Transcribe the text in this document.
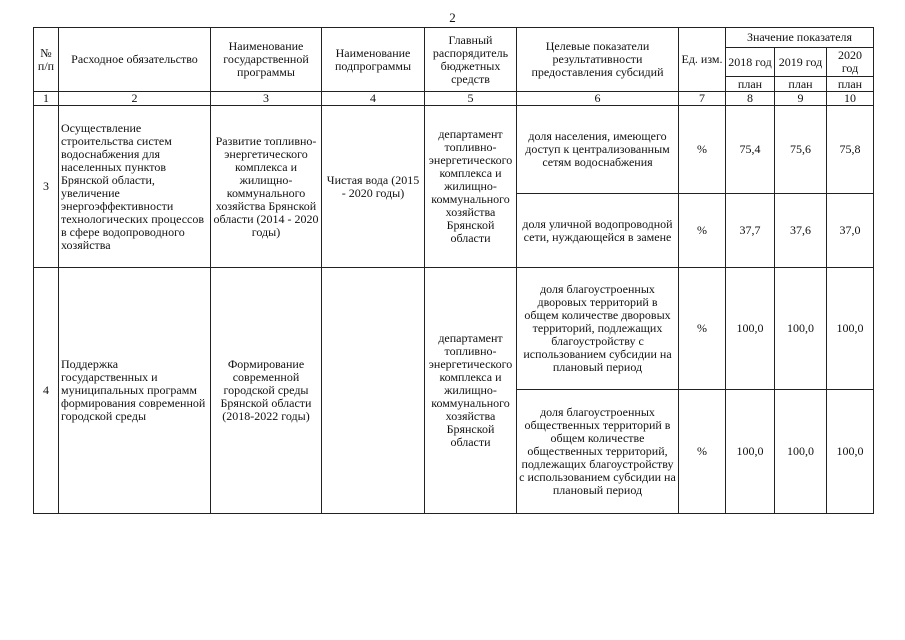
2
№ п/п	Расходное обязательство	Наименование государственной программы	Наименование подпрограммы	Главный распорядитель бюджетных средств	Целевые показатели результативности предоставления субсидий	Ед. изм.	Значение показателя		
							2018 год	2019 год	2020 год
							план	план	план
1	2	3	4	5	6	7	8	9	10
3	Осуществление строительства систем водоснабжения для населенных пунктов Брянской области, увеличение энергоэффективности технологических процессов в сфере водопроводного хозяйства	Развитие топливно-энергетического комплекса и жилищно-коммунального хозяйства Брянской области (2014 - 2020 годы)	Чистая вода (2015 - 2020 годы)	департамент топливно-энергетического комплекса и жилищно-коммунального хозяйства Брянской области	доля населения, имеющего доступ к централизованным сетям водоснабжения	%	75,4	75,6	75,8
					доля уличной водопроводной сети, нуждающейся в замене	%	37,7	37,6	37,0
4	Поддержка государственных и муниципальных программ формирования современной городской среды	Формирование современной городской среды Брянской области (2018-2022 годы)		департамент топливно-энергетического комплекса и жилищно-коммунального хозяйства Брянской области	доля благоустроенных дворовых территорий в общем количестве дворовых территорий, подлежащих благоустройству с использованием субсидии на плановый период	%	100,0	100,0	100,0
					доля благоустроенных общественных территорий в общем количестве общественных территорий, подлежащих благоустройству с использованием субсидии на плановый период	%	100,0	100,0	100,0
